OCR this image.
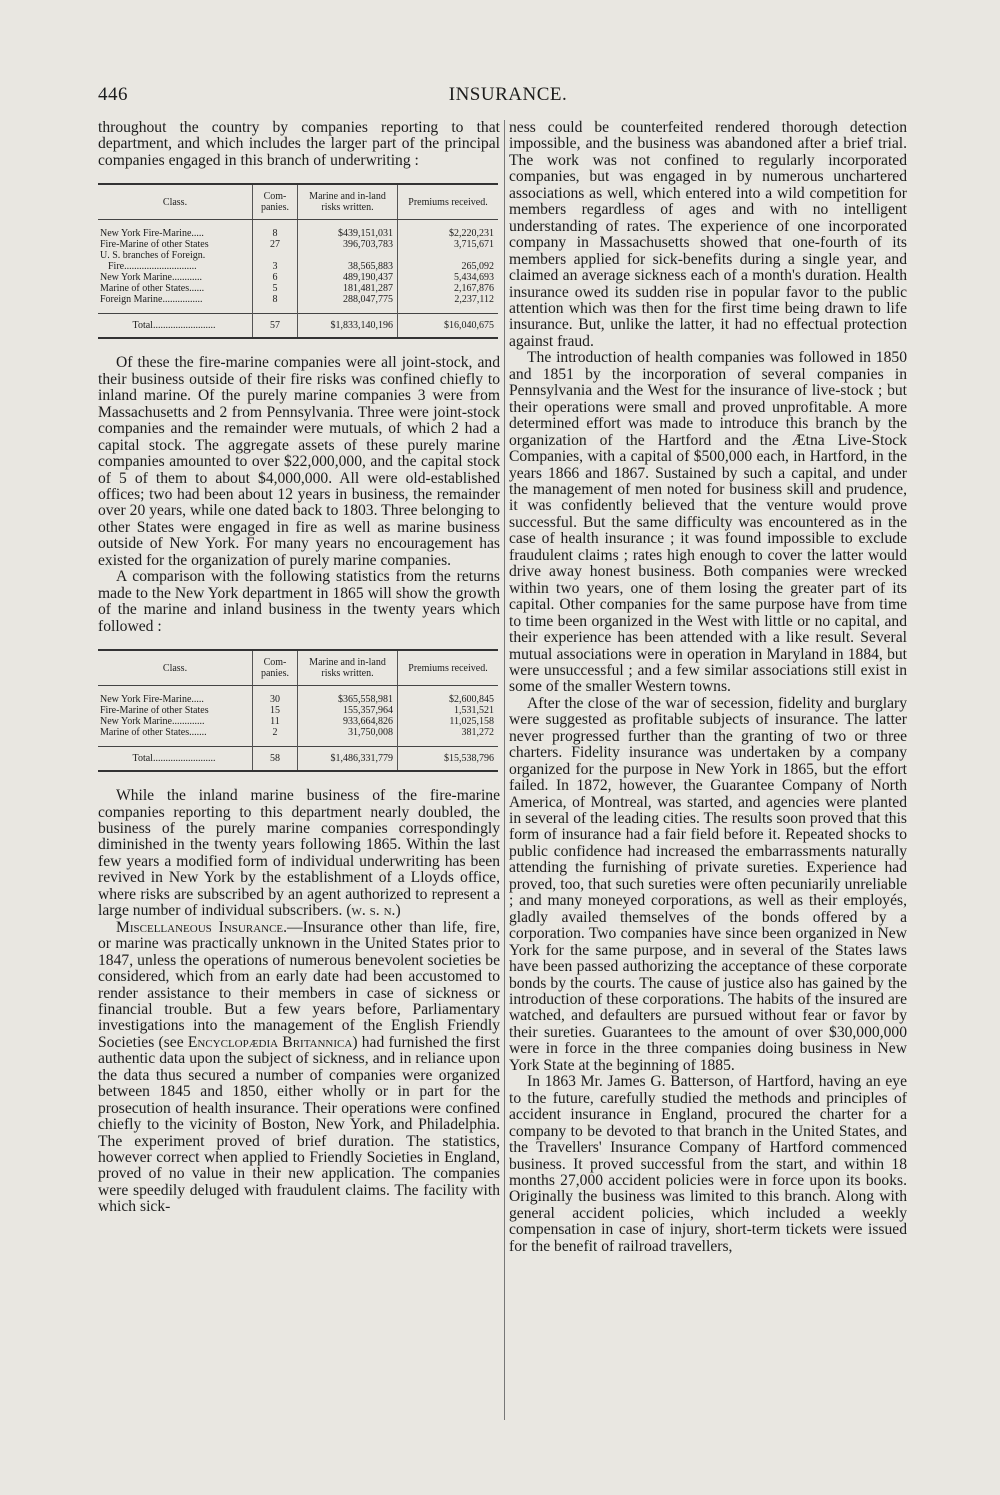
446	INSURANCE.

throughout the country by companies reporting to that department, and which includes the larger part of the principal companies engaged in this branch of underwriting :

Class.	Com-panies.	Marine and in-land risks written.	Premiums received.
New York Fire-Marine.....	8	$439,151,031	$2,220,231
Fire-Marine of other States	27	396,703,783	3,715,671
U. S. branches of Foreign.			
Fire.............................	3	38,565,883	265,092
New York Marine............	6	489,190,437	5,434,693
Marine of other States......	5	181,481,287	2,167,876
Foreign Marine................	8	288,047,775	2,237,112
Total.........................	57	$1,833,140,196	$16,040,675

Of these the fire-marine companies were all joint-stock, and their business outside of their fire risks was confined chiefly to inland marine. Of the purely marine companies 3 were from Massachusetts and 2 from Pennsylvania. Three were joint-stock companies and the remainder were mutuals, of which 2 had a capital stock. The aggregate assets of these purely marine companies amounted to over $22,000,000, and the capital stock of 5 of them to about $4,000,000. All were old-established offices; two had been about 12 years in business, the remainder over 20 years, while one dated back to 1803. Three belonging to other States were engaged in fire as well as marine business outside of New York. For many years no encouragement has existed for the organization of purely marine companies.

A comparison with the following statistics from the returns made to the New York department in 1865 will show the growth of the marine and inland business in the twenty years which followed :

Class.	Com-panies.	Marine and in-land risks written.	Premiums received.
New York Fire-Marine.....	30	$365,558,981	$2,600,845
Fire-Marine of other States	15	155,357,964	1,531,521
New York Marine.............	11	933,664,826	11,025,158
Marine of other States.......	2	31,750,008	381,272
Total.........................	58	$1,486,331,779	$15,538,796

While the inland marine business of the fire-marine companies reporting to this department nearly doubled, the business of the purely marine companies correspondingly diminished in the twenty years following 1865. Within the last few years a modified form of individual underwriting has been revived in New York by the establishment of a Lloyds office, where risks are subscribed by an agent authorized to represent a large number of individual subscribers. (w. s. n.)

Miscellaneous Insurance.—Insurance other than life, fire, or marine was practically unknown in the United States prior to 1847, unless the operations of numerous benevolent societies be considered, which from an early date had been accustomed to render assistance to their members in case of sickness or financial trouble. But a few years before, Parliamentary investigations into the management of the English Friendly Societies (see Encyclopædia Britannica) had furnished the first authentic data upon the subject of sickness, and in reliance upon the data thus secured a number of companies were organized between 1845 and 1850, either wholly or in part for the prosecution of health insurance. Their operations were confined chiefly to the vicinity of Boston, New York, and Philadelphia. The experiment proved of brief duration. The statistics, however correct when applied to Friendly Societies in England, proved of no value in their new application. The companies were speedily deluged with fraudulent claims. The facility with which sick-

ness could be counterfeited rendered thorough detection impossible, and the business was abandoned after a brief trial. The work was not confined to regularly incorporated companies, but was engaged in by numerous unchartered associations as well, which entered into a wild competition for members regardless of ages and with no intelligent understanding of rates. The experience of one incorporated company in Massachusetts showed that one-fourth of its members applied for sick-benefits during a single year, and claimed an average sickness each of a month's duration. Health insurance owed its sudden rise in popular favor to the public attention which was then for the first time being drawn to life insurance. But, unlike the latter, it had no effectual protection against fraud.

The introduction of health companies was followed in 1850 and 1851 by the incorporation of several companies in Pennsylvania and the West for the insurance of live-stock ; but their operations were small and proved unprofitable. A more determined effort was made to introduce this branch by the organization of the Hartford and the Ætna Live-Stock Companies, with a capital of $500,000 each, in Hartford, in the years 1866 and 1867. Sustained by such a capital, and under the management of men noted for business skill and prudence, it was confidently believed that the venture would prove successful. But the same difficulty was encountered as in the case of health insurance ; it was found impossible to exclude fraudulent claims ; rates high enough to cover the latter would drive away honest business. Both companies were wrecked within two years, one of them losing the greater part of its capital. Other companies for the same purpose have from time to time been organized in the West with little or no capital, and their experience has been attended with a like result. Several mutual associations were in operation in Maryland in 1884, but were unsuccessful ; and a few similar associations still exist in some of the smaller Western towns.

After the close of the war of secession, fidelity and burglary were suggested as profitable subjects of insurance. The latter never progressed further than the granting of two or three charters. Fidelity insurance was undertaken by a company organized for the purpose in New York in 1865, but the effort failed. In 1872, however, the Guarantee Company of North America, of Montreal, was started, and agencies were planted in several of the leading cities. The results soon proved that this form of insurance had a fair field before it. Repeated shocks to public confidence had increased the embarrassments naturally attending the furnishing of private sureties. Experience had proved, too, that such sureties were often pecuniarily unreliable ; and many moneyed corporations, as well as their employés, gladly availed themselves of the bonds offered by a corporation. Two companies have since been organized in New York for the same purpose, and in several of the States laws have been passed authorizing the acceptance of these corporate bonds by the courts. The cause of justice also has gained by the introduction of these corporations. The habits of the insured are watched, and defaulters are pursued without fear or favor by their sureties. Guarantees to the amount of over $30,000,000 were in force in the three companies doing business in New York State at the beginning of 1885.

In 1863 Mr. James G. Batterson, of Hartford, having an eye to the future, carefully studied the methods and principles of accident insurance in England, procured the charter for a company to be devoted to that branch in the United States, and the Travellers' Insurance Company of Hartford commenced business. It proved successful from the start, and within 18 months 27,000 accident policies were in force upon its books. Originally the business was limited to this branch. Along with general accident policies, which included a weekly compensation in case of injury, short-term tickets were issued for the benefit of railroad travellers,
